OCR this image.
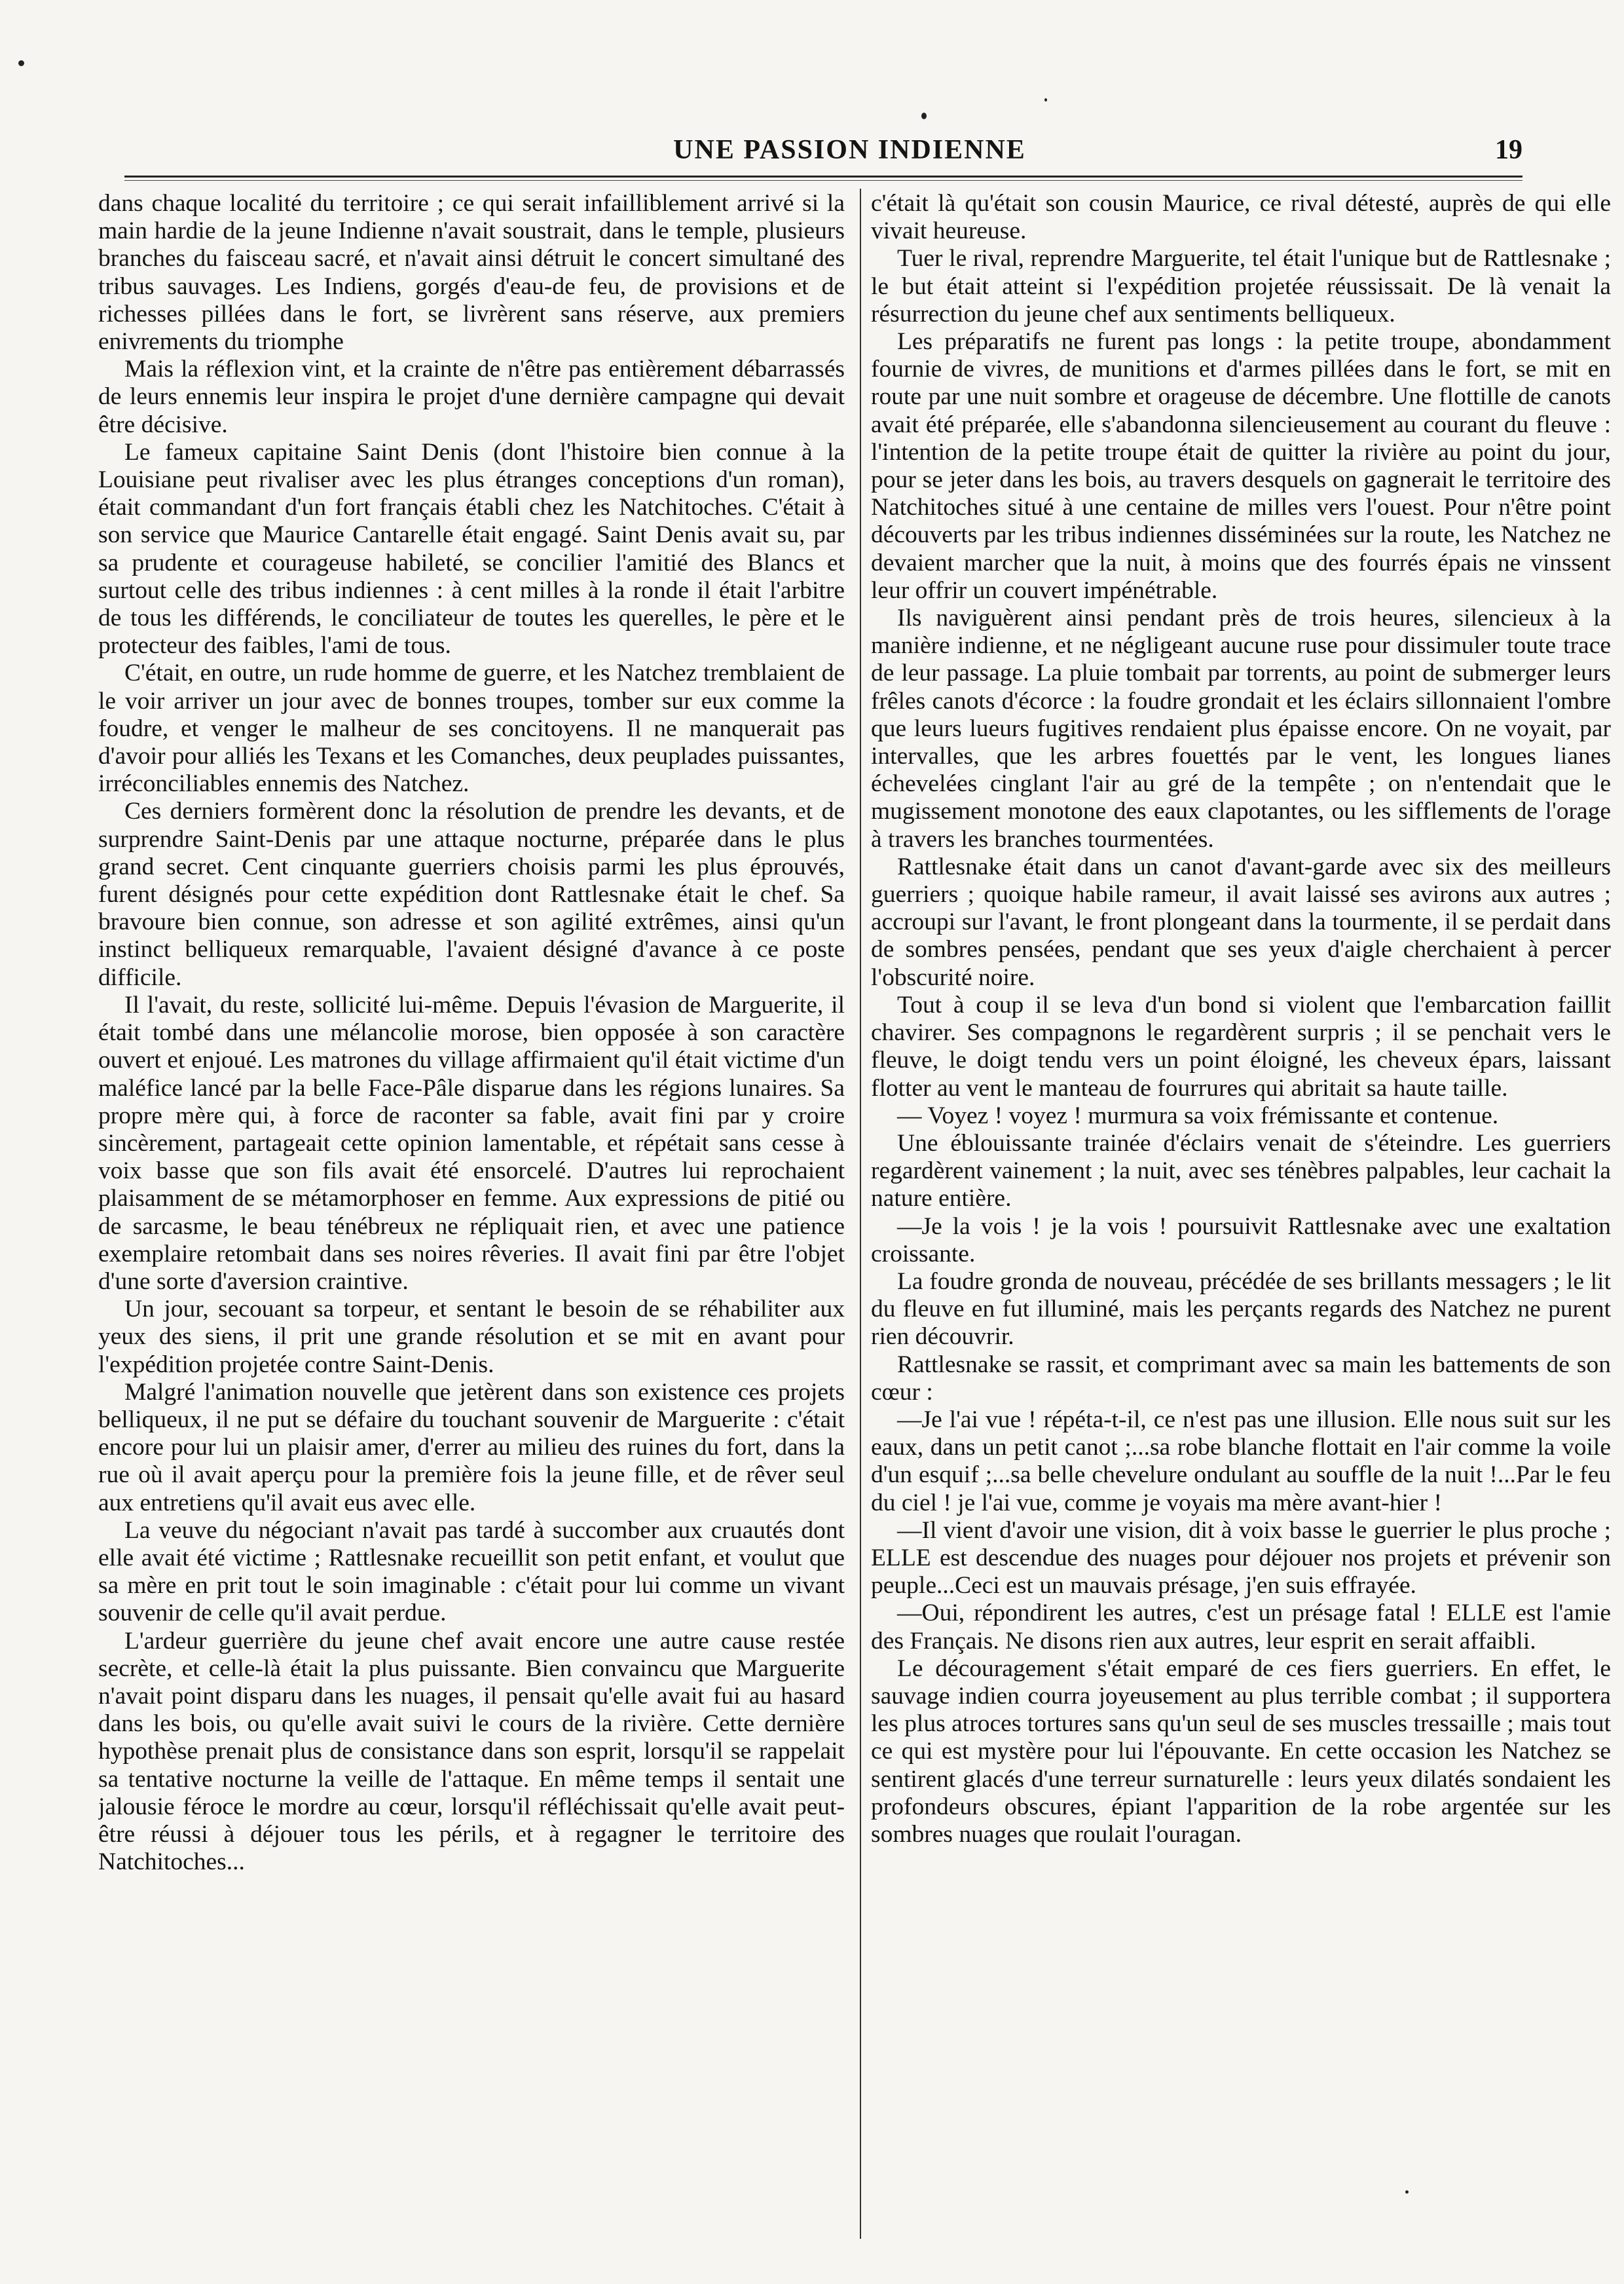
UNE PASSION INDIENNE	19

dans chaque localité du territoire ; ce qui serait infailliblement arrivé si la main hardie de la jeune Indienne n'avait soustrait, dans le temple, plusieurs branches du faisceau sacré, et n'avait ainsi détruit le concert simultané des tribus sauvages. Les Indiens, gorgés d'eau-de feu, de provisions et de richesses pillées dans le fort, se livrèrent sans réserve, aux premiers enivrements du triomphe

Mais la réflexion vint, et la crainte de n'être pas entièrement débarrassés de leurs ennemis leur inspira le projet d'une dernière campagne qui devait être décisive.

Le fameux capitaine Saint Denis (dont l'histoire bien connue à la Louisiane peut rivaliser avec les plus étranges conceptions d'un roman), était commandant d'un fort français établi chez les Natchitoches. C'était à son service que Maurice Cantarelle était engagé. Saint Denis avait su, par sa prudente et courageuse habileté, se concilier l'amitié des Blancs et surtout celle des tribus indiennes : à cent milles à la ronde il était l'arbitre de tous les différends, le conciliateur de toutes les querelles, le père et le protecteur des faibles, l'ami de tous.

C'était, en outre, un rude homme de guerre, et les Natchez tremblaient de le voir arriver un jour avec de bonnes troupes, tomber sur eux comme la foudre, et venger le malheur de ses concitoyens. Il ne manquerait pas d'avoir pour alliés les Texans et les Comanches, deux peuplades puissantes, irréconciliables ennemis des Natchez.

Ces derniers formèrent donc la résolution de prendre les devants, et de surprendre Saint-Denis par une attaque nocturne, préparée dans le plus grand secret. Cent cinquante guerriers choisis parmi les plus éprouvés, furent désignés pour cette expédition dont Rattlesnake était le chef. Sa bravoure bien connue, son adresse et son agilité extrêmes, ainsi qu'un instinct belliqueux remarquable, l'avaient désigné d'avance à ce poste difficile.

Il l'avait, du reste, sollicité lui-même. Depuis l'évasion de Marguerite, il était tombé dans une mélancolie morose, bien opposée à son caractère ouvert et enjoué. Les matrones du village affirmaient qu'il était victime d'un maléfice lancé par la belle Face-Pâle disparue dans les régions lunaires. Sa propre mère qui, à force de raconter sa fable, avait fini par y croire sincèrement, partageait cette opinion lamentable, et répétait sans cesse à voix basse que son fils avait été ensorcelé. D'autres lui reprochaient plaisamment de se métamorphoser en femme. Aux expressions de pitié ou de sarcasme, le beau ténébreux ne répliquait rien, et avec une patience exemplaire retombait dans ses noires rêveries. Il avait fini par être l'objet d'une sorte d'aversion craintive.

Un jour, secouant sa torpeur, et sentant le besoin de se réhabiliter aux yeux des siens, il prit une grande résolution et se mit en avant pour l'expédition projetée contre Saint-Denis.

Malgré l'animation nouvelle que jetèrent dans son existence ces projets belliqueux, il ne put se défaire du touchant souvenir de Marguerite : c'était encore pour lui un plaisir amer, d'errer au milieu des ruines du fort, dans la rue où il avait aperçu pour la première fois la jeune fille, et de rêver seul aux entretiens qu'il avait eus avec elle.

La veuve du négociant n'avait pas tardé à succomber aux cruautés dont elle avait été victime ; Rattlesnake recueillit son petit enfant, et voulut que sa mère en prit tout le soin imaginable : c'était pour lui comme un vivant souvenir de celle qu'il avait perdue.

L'ardeur guerrière du jeune chef avait encore une autre cause restée secrète, et celle-là était la plus puissante. Bien convaincu que Marguerite n'avait point disparu dans les nuages, il pensait qu'elle avait fui au hasard dans les bois, ou qu'elle avait suivi le cours de la rivière. Cette dernière hypothèse prenait plus de consistance dans son esprit, lorsqu'il se rappelait sa tentative nocturne la veille de l'attaque. En même temps il sentait une jalousie féroce le mordre au cœur, lorsqu'il réfléchissait qu'elle avait peut-être réussi à déjouer tous les périls, et à regagner le territoire des Natchitoches...

c'était là qu'était son cousin Maurice, ce rival détesté, auprès de qui elle vivait heureuse.

Tuer le rival, reprendre Marguerite, tel était l'unique but de Rattlesnake ; le but était atteint si l'expédition projetée réussissait. De là venait la résurrection du jeune chef aux sentiments belliqueux.

Les préparatifs ne furent pas longs : la petite troupe, abondamment fournie de vivres, de munitions et d'armes pillées dans le fort, se mit en route par une nuit sombre et orageuse de décembre. Une flottille de canots avait été préparée, elle s'abandonna silencieusement au courant du fleuve : l'intention de la petite troupe était de quitter la rivière au point du jour, pour se jeter dans les bois, au travers desquels on gagnerait le territoire des Natchitoches situé à une centaine de milles vers l'ouest. Pour n'être point découverts par les tribus indiennes disséminées sur la route, les Natchez ne devaient marcher que la nuit, à moins que des fourrés épais ne vinssent leur offrir un couvert impénétrable.

Ils naviguèrent ainsi pendant près de trois heures, silencieux à la manière indienne, et ne négligeant aucune ruse pour dissimuler toute trace de leur passage. La pluie tombait par torrents, au point de submerger leurs frêles canots d'écorce : la foudre grondait et les éclairs sillonnaient l'ombre que leurs lueurs fugitives rendaient plus épaisse encore. On ne voyait, par intervalles, que les arbres fouettés par le vent, les longues lianes échevelées cinglant l'air au gré de la tempête ; on n'entendait que le mugissement monotone des eaux clapotantes, ou les sifflements de l'orage à travers les branches tourmentées.

Rattlesnake était dans un canot d'avant-garde avec six des meilleurs guerriers ; quoique habile rameur, il avait laissé ses avirons aux autres ; accroupi sur l'avant, le front plongeant dans la tourmente, il se perdait dans de sombres pensées, pendant que ses yeux d'aigle cherchaient à percer l'obscurité noire.

Tout à coup il se leva d'un bond si violent que l'embarcation faillit chavirer. Ses compagnons le regardèrent surpris ; il se penchait vers le fleuve, le doigt tendu vers un point éloigné, les cheveux épars, laissant flotter au vent le manteau de fourrures qui abritait sa haute taille.

— Voyez ! voyez ! murmura sa voix frémissante et contenue.

Une éblouissante trainée d'éclairs venait de s'éteindre. Les guerriers regardèrent vainement ; la nuit, avec ses ténèbres palpables, leur cachait la nature entière.

—Je la vois ! je la vois ! poursuivit Rattlesnake avec une exaltation croissante.

La foudre gronda de nouveau, précédée de ses brillants messagers ; le lit du fleuve en fut illuminé, mais les perçants regards des Natchez ne purent rien découvrir.

Rattlesnake se rassit, et comprimant avec sa main les battements de son cœur :

—Je l'ai vue ! répéta-t-il, ce n'est pas une illusion. Elle nous suit sur les eaux, dans un petit canot ;...sa robe blanche flottait en l'air comme la voile d'un esquif ;...sa belle chevelure ondulant au souffle de la nuit !...Par le feu du ciel ! je l'ai vue, comme je voyais ma mère avant-hier !

—Il vient d'avoir une vision, dit à voix basse le guerrier le plus proche ; ELLE est descendue des nuages pour déjouer nos projets et prévenir son peuple...Ceci est un mauvais présage, j'en suis effrayée.

—Oui, répondirent les autres, c'est un présage fatal ! ELLE est l'amie des Français. Ne disons rien aux autres, leur esprit en serait affaibli.

Le découragement s'était emparé de ces fiers guerriers. En effet, le sauvage indien courra joyeusement au plus terrible combat ; il supportera les plus atroces tortures sans qu'un seul de ses muscles tressaille ; mais tout ce qui est mystère pour lui l'épouvante. En cette occasion les Natchez se sentirent glacés d'une terreur surnaturelle : leurs yeux dilatés sondaient les profondeurs obscures, épiant l'apparition de la robe argentée sur les sombres nuages que roulait l'ouragan.
